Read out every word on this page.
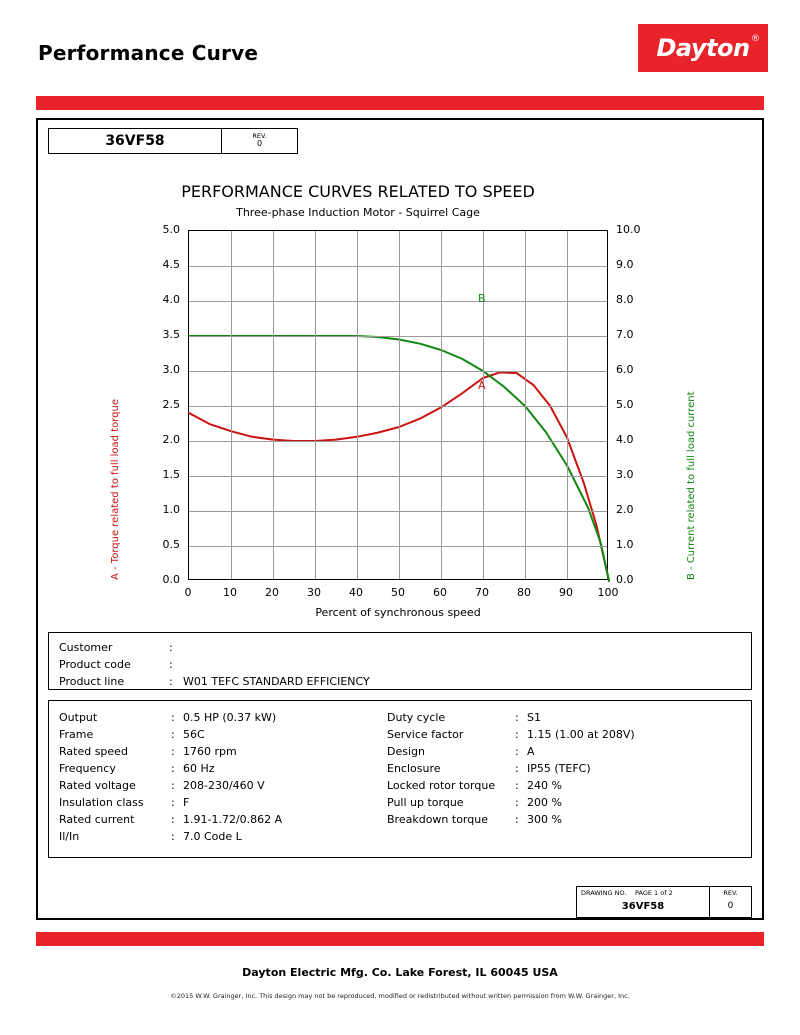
Performance Curve	Dayton ®
36VF58	REV.
0
PERFORMANCE CURVES RELATED TO SPEED
Three-phase Induction Motor - Squirrel Cage
0.0
0.5
1.0
1.5
2.0
2.5
3.0
3.5
4.0
4.5
5.0
0.0
1.0
2.0
3.0
4.0
5.0
6.0
7.0
8.0
9.0
10.0
0	10	20	30	40	50	60	70	80	90	100
Percent of synchronous speed
A - Torque related to full load torque	B - Current related to full load current
B
A
Customer	:
Product code	:
Product line	: W01 TEFC STANDARD EFFICIENCY
Output	: 0.5 HP (0.37 kW)
Frame	: 56C
Rated speed	: 1760 rpm
Frequency	: 60 Hz
Rated voltage	: 208-230/460 V
Insulation class : F
Rated current	: 1.91-1.72/0.862 A
Il/In	: 7.0 Code L
Duty cycle	: S1
Service factor	: 1.15 (1.00 at 208V)
Design	: A
Enclosure	: IP55 (TEFC)
Locked rotor torque : 240 %
Pull up torque	: 200 %
Breakdown torque : 300 %
DRAWING NO. PAGE 1 of 2
36VF58
REV.
0
Dayton Electric Mfg. Co. Lake Forest, IL 60045 USA
©2015 W.W. Grainger, Inc. This design may not be reproduced, modified or redistributed without written permission from W.W. Grainger, Inc.
